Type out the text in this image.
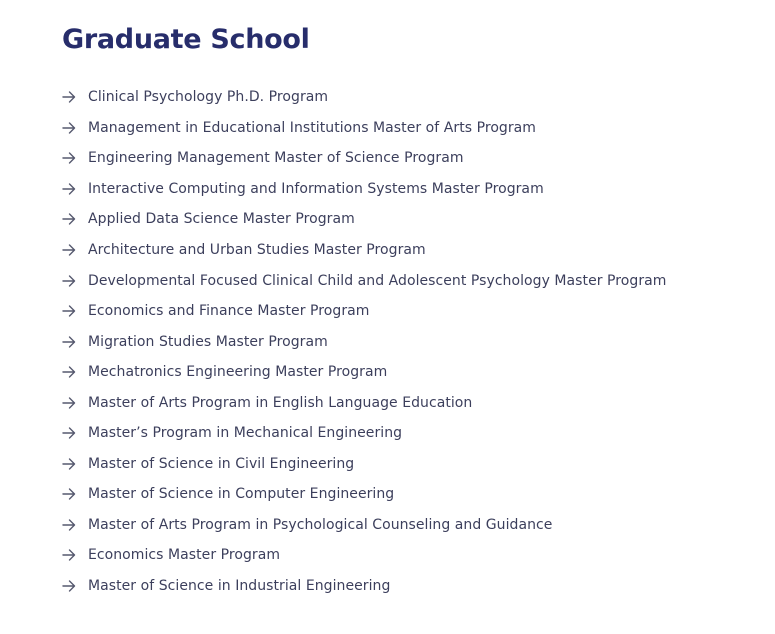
Graduate School
Clinical Psychology Ph.D. Program
Management in Educational Institutions Master of Arts Program
Engineering Management Master of Science Program
Interactive Computing and Information Systems Master Program
Applied Data Science Master Program
Architecture and Urban Studies Master Program
Developmental Focused Clinical Child and Adolescent Psychology Master Program
Economics and Finance Master Program
Migration Studies Master Program
Mechatronics Engineering Master Program
Master of Arts Program in English Language Education
Master’s Program in Mechanical Engineering
Master of Science in Civil Engineering
Master of Science in Computer Engineering
Master of Arts Program in Psychological Counseling and Guidance
Economics Master Program
Master of Science in Industrial Engineering
